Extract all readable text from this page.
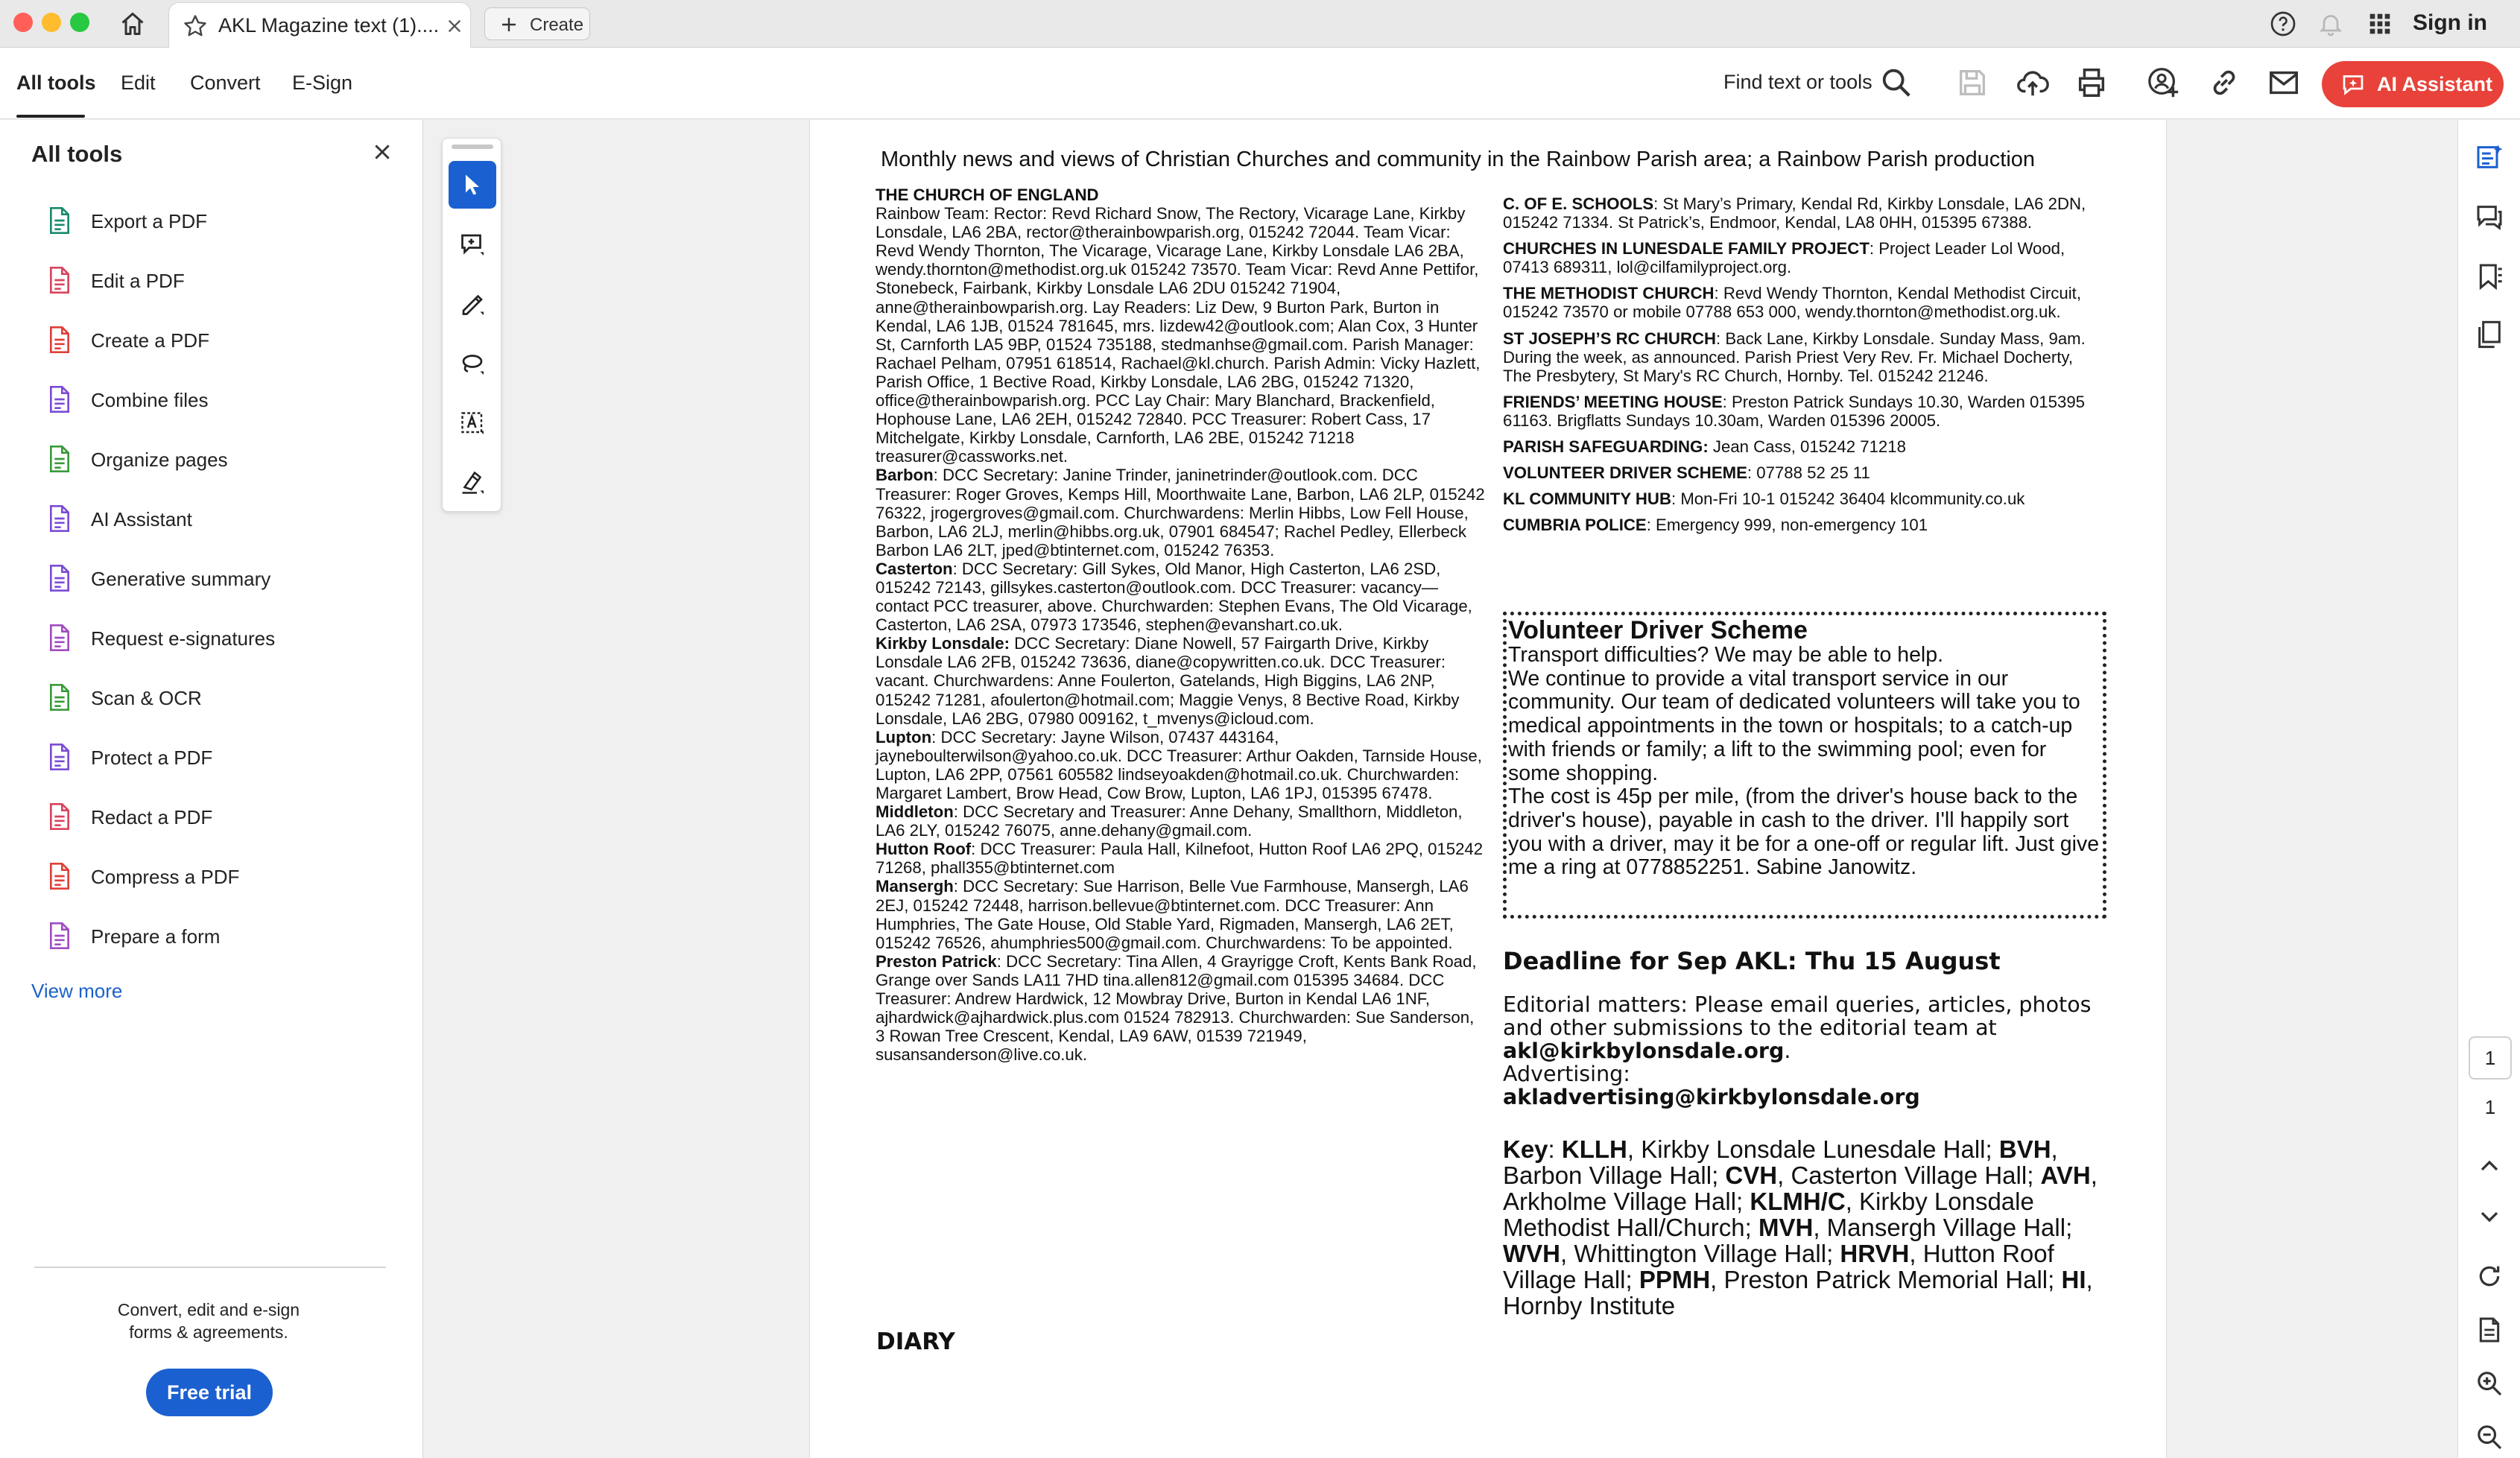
AKL Magazine text (1)....	Create	Sign in
All tools Edit Convert E-Sign	Find text or tools	AI Assistant
All tools
Export a PDF
Edit a PDF
Create a PDF
Combine files
Organize pages
AI Assistant
Generative summary
Request e-signatures
Scan & OCR
Protect a PDF
Redact a PDF
Compress a PDF
Prepare a form
View more
Convert, edit and e-sign
forms & agreements.
Free trial
Monthly news and views of Christian Churches and community in the Rainbow Parish area; a Rainbow Parish production

THE CHURCH OF ENGLAND

Rainbow Team: Rector: Revd Richard Snow, The Rectory, Vicarage Lane, Kirkby Lonsdale, LA6 2BA, rector@therainbowparish.org, 015242 72044. Team Vicar: Revd Wendy Thornton, The Vicarage, Vicarage Lane, Kirkby Lonsdale LA6 2BA, wendy.thornton@methodist.org.uk 015242 73570. Team Vicar: Revd Anne Pettifor, Stonebeck, Fairbank, Kirkby Lonsdale LA6 2DU 015242 71904, anne@therainbowparish.org. Lay Readers: Liz Dew, 9 Burton Park, Burton in Kendal, LA6 1JB, 01524 781645, mrs. lizdew42@outlook.com; Alan Cox, 3 Hunter St, Carnforth LA5 9BP, 01524 735188, stedmanhse@gmail.com. Parish Manager: Rachael Pelham, 07951 618514, Rachael@kl.church. Parish Admin: Vicky Hazlett, Parish Office, 1 Bective Road, Kirkby Lonsdale, LA6 2BG, 015242 71320, office@therainbowparish.org. PCC Lay Chair: Mary Blanchard, Brackenfield, Hophouse Lane, LA6 2EH, 015242 72840. PCC Treasurer: Robert Cass, 17 Mitchelgate, Kirkby Lonsdale, Carnforth, LA6 2BE, 015242 71218 treasurer@cassworks.net.

Barbon: DCC Secretary: Janine Trinder, janinetrinder@outlook.com. DCC Treasurer: Roger Groves, Kemps Hill, Moorthwaite Lane, Barbon, LA6 2LP, 015242 76322, jrogergroves@gmail.com. Churchwardens: Merlin Hibbs, Low Fell House, Barbon, LA6 2LJ, merlin@hibbs.org.uk, 07901 684547; Rachel Pedley, Ellerbeck Barbon LA6 2LT, jped@btinternet.com, 015242 76353.

Casterton: DCC Secretary: Gill Sykes, Old Manor, High Casterton, LA6 2SD, 015242 72143, gillsykes.casterton@outlook.com. DCC Treasurer: vacancy—contact PCC treasurer, above. Churchwarden: Stephen Evans, The Old Vicarage, Casterton, LA6 2SA, 07973 173546, stephen@evanshart.co.uk.

Kirkby Lonsdale: DCC Secretary: Diane Nowell, 57 Fairgarth Drive, Kirkby Lonsdale LA6 2FB, 015242 73636, diane@copywritten.co.uk. DCC Treasurer: vacant. Churchwardens: Anne Foulerton, Gatelands, High Biggins, LA6 2NP, 015242 71281, afoulerton@hotmail.com; Maggie Venys, 8 Bective Road, Kirkby Lonsdale, LA6 2BG, 07980 009162, t_mvenys@icloud.com.

Lupton: DCC Secretary: Jayne Wilson, 07437 443164, jayneboulterwilson@yahoo.co.uk. DCC Treasurer: Arthur Oakden, Tarnside House, Lupton, LA6 2PP, 07561 605582 lindseyoakden@hotmail.co.uk. Churchwarden: Margaret Lambert, Brow Head, Cow Brow, Lupton, LA6 1PJ, 015395 67478.

Middleton: DCC Secretary and Treasurer: Anne Dehany, Smallthorn, Middleton, LA6 2LY, 015242 76075, anne.dehany@gmail.com.

Hutton Roof: DCC Treasurer: Paula Hall, Kilnefoot, Hutton Roof LA6 2PQ, 015242 71268, phall355@btinternet.com

Mansergh: DCC Secretary: Sue Harrison, Belle Vue Farmhouse, Mansergh, LA6 2EJ, 015242 72448, harrison.bellevue@btinternet.com. DCC Treasurer: Ann Humphries, The Gate House, Old Stable Yard, Rigmaden, Mansergh, LA6 2ET, 015242 76526, ahumphries500@gmail.com. Churchwardens: To be appointed.

Preston Patrick: DCC Secretary: Tina Allen, 4 Grayrigge Croft, Kents Bank Road, Grange over Sands LA11 7HD tina.allen812@gmail.com 015395 34684. DCC Treasurer: Andrew Hardwick, 12 Mowbray Drive, Burton in Kendal LA6 1NF, ajhardwick@ajhardwick.plus.com 01524 782913. Churchwarden: Sue Sanderson, 3 Rowan Tree Crescent, Kendal, LA9 6AW, 01539 721949, susansanderson@live.co.uk.

C. OF E. SCHOOLS: St Mary’s Primary, Kendal Rd, Kirkby Lonsdale, LA6 2DN, 015242 71334. St Patrick’s, Endmoor, Kendal, LA8 0HH, 015395 67388.

CHURCHES IN LUNESDALE FAMILY PROJECT: Project Leader Lol Wood, 07413 689311, lol@cilfamilyproject.org.

THE METHODIST CHURCH: Revd Wendy Thornton, Kendal Methodist Circuit, 015242 73570 or mobile 07788 653 000, wendy.thornton@methodist.org.uk.

ST JOSEPH’S RC CHURCH: Back Lane, Kirkby Lonsdale. Sunday Mass, 9am. During the week, as announced. Parish Priest Very Rev. Fr. Michael Docherty, The Presbytery, St Mary's RC Church, Hornby. Tel. 015242 21246.

FRIENDS’ MEETING HOUSE: Preston Patrick Sundays 10.30, Warden 015395 61163. Brigflatts Sundays 10.30am, Warden 015396 20005.

PARISH SAFEGUARDING: Jean Cass, 015242 71218

VOLUNTEER DRIVER SCHEME: 07788 52 25 11

KL COMMUNITY HUB: Mon-Fri 10-1 015242 36404 klcommunity.co.uk

CUMBRIA POLICE: Emergency 999, non-emergency 101

Volunteer Driver Scheme

Transport difficulties? We may be able to help.

We continue to provide a vital transport service in our community. Our team of dedicated volunteers will take you to medical appointments in the town or hospitals; to a catch-up with friends or family; a lift to the swimming pool; even for some shopping.

The cost is 45p per mile, (from the driver's house back to the driver's house), payable in cash to the driver. I'll happily sort you with a driver, may it be for a one-off or regular lift. Just give me a ring at 0778852251. Sabine Janowitz.

Deadline for Sep AKL: Thu 15 August

Editorial matters: Please email queries, articles, photos and other submissions to the editorial team at akl@kirkbylonsdale.org.

Advertising:

akladvertising@kirkbylonsdale.org

Key: KLLH, Kirkby Lonsdale Lunesdale Hall; BVH, Barbon Village Hall; CVH, Casterton Village Hall; AVH, Arkholme Village Hall; KLMH/C, Kirkby Lonsdale Methodist Hall/Church; MVH, Mansergh Village Hall; WVH, Whittington Village Hall; HRVH, Hutton Roof Village Hall; PPMH, Preston Patrick Memorial Hall; HI, Hornby Institute
DIARY
1
1
